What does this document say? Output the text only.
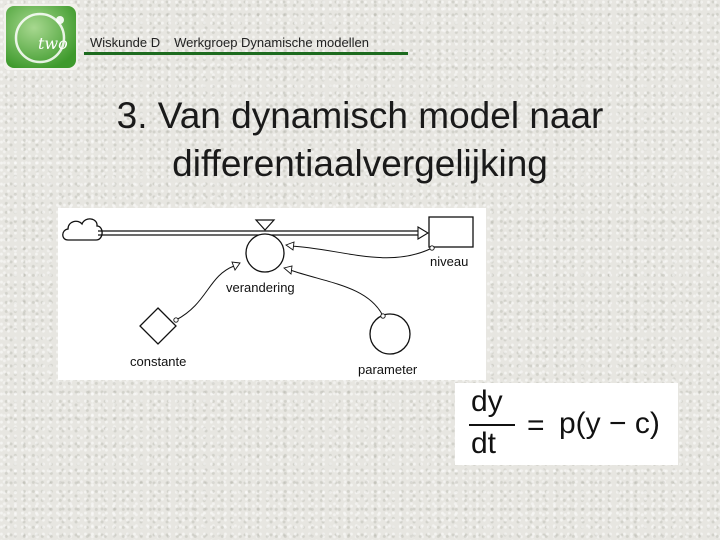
two Wiskunde D Werkgroep Dynamische modellen
3. Van dynamisch model naar
differentiaalvergelijking
niveau
verandering
constante
parameter
dy
dt
= p(y − c)
